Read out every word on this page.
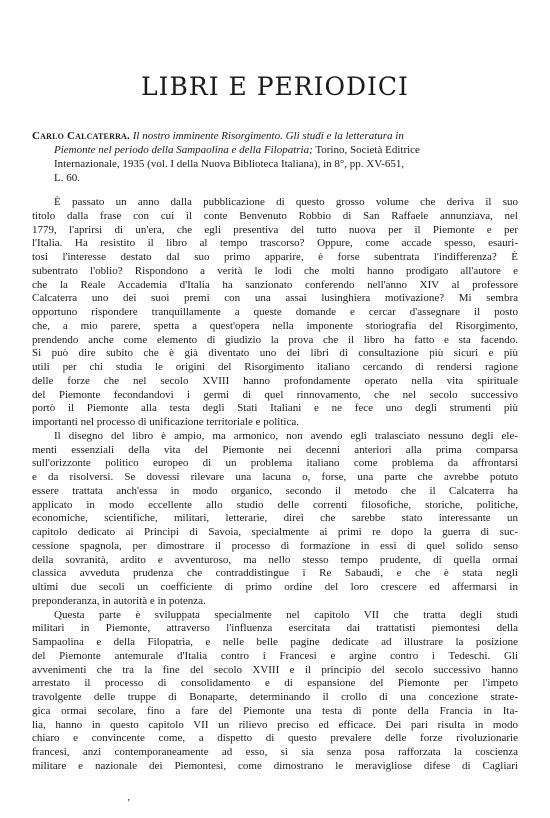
LIBRI E PERIODICI

Carlo Calcaterra. Il nostro imminente Risorgimento. Gli studi e la letteratura in
Piemonte nel periodo della Sampaolina e della Filopatria; Torino, Società Editrice
Internazionale, 1935 (vol. I della Nuova Biblioteca Italiana), in 8°, pp. XV-651,
L. 60.

È passato un anno dalla pubblicazione di questo grosso volume che deriva il suo
titolo dalla frase con cui il conte Benvenuto Robbio di San Raffaele annunziava, nel
1779, l'aprirsi di un'era, che egli presentiva del tutto nuova per il Piemonte e per
l'Italia. Ha resistito il libro al tempo trascorso? Oppure, come accade spesso, esauri-
tosi l'interesse destato dal suo primo apparire, è forse subentrata l'indifferenza? È
subentrato l'oblio? Rispondono a verità le lodi che molti hanno prodigato all'autore e
che la Reale Accademia d'Italia ha sanzionato conferendo nell'anno XIV al professore
Calcaterra uno dei suoi premi con una assai lusinghiera motivazione? Mi sembra
opportuno rispondere tranquillamente a queste domande e cercar d'assegnare il posto
che, a mio parere, spetta a quest'opera nella imponente storiografia del Risorgimento,
prendendo anche come elemento di giudizio la prova che il libro ha fatto e sta facendo.
Si può dire subito che è già diventato uno dei libri di consultazione più sicuri e più
utili per chi studia le origini del Risorgimento italiano cercando di rendersi ragione
delle forze che nel secolo XVIII hanno profondamente operato nella vita spirituale
del Piemonte fecondandovi i germi di quel rinnovamento, che nel secolo successivo
portò il Piemonte alla testa degli Stati Italiani e ne fece uno degli strumenti più
importanti nel processo di unificazione territoriale e politica.
Il disegno del libro è ampio, ma armonico, non avendo egli tralasciato nessuno degli ele-
menti essenziali della vita del Piemonte nei decenni anteriori alla prima comparsa
sull'orizzonte politico europeo di un problema italiano come problema da affrontarsi
e da risolversi. Se dovessi rilevare una lacuna o, forse, una parte che avrebbe potuto
essere trattata anch'essa in modo organico, secondo il metodo che il Calcaterra ha
applicato in modo eccellente allo studio delle correnti filosofiche, storiche, politiche,
economiche, scientifiche, militari, letterarie, direi che sarebbe stato interessante un
capitolo dedicato ai Principi di Savoia, specialmente ai primi re dopo la guerra di suc-
cessione spagnola, per dimostrare il processo di formazione in essi di quel solido senso
della sovranità, ardito e avventuroso, ma nello stesso tempo prudente, di quella ormai
classica avveduta prudenza che contraddistingue i Re Sabaudi, e che è stata negli
ultimi due secoli un coefficiente di primo ordine del loro crescere ed affermarsi in
preponderanza, in autorità e in potenza.
Questa parte è sviluppata specialmente nel capitolo VII che tratta degli studi
militari in Piemonte, attraverso l'influenza esercitata dai trattatisti piemontesi della
Sampaolina e della Filopatria, e nelle belle pagine dedicate ad illustrare la posizione
del Piemonte antemurale d'Italia contro i Francesi e argine contro i Tedeschi. Gli
avvenimenti che tra la fine del secolo XVIII e il principio del secolo successivo hanno
arrestato il processo di consolidamento e di espansione del Piemonte per l'impeto
travolgente delle truppe di Bonaparte, determinando il crollo di una concezione strate-
gica ormai secolare, fino a fare del Piemonte una testa di ponte della Francia in Ita-
lia, hanno in questo capitolo VII un rilievo preciso ed efficace. Dei pari risulta in modo
chiaro e convincente come, a dispetto di questo prevalere delle forze rivoluzionarie
francesi, anzi contemporaneamente ad esso, si sia senza posa rafforzata la coscienza
militare e nazionale dei Piemontesi, come dimostrano le meravigliose difese di Cagliari
‚
